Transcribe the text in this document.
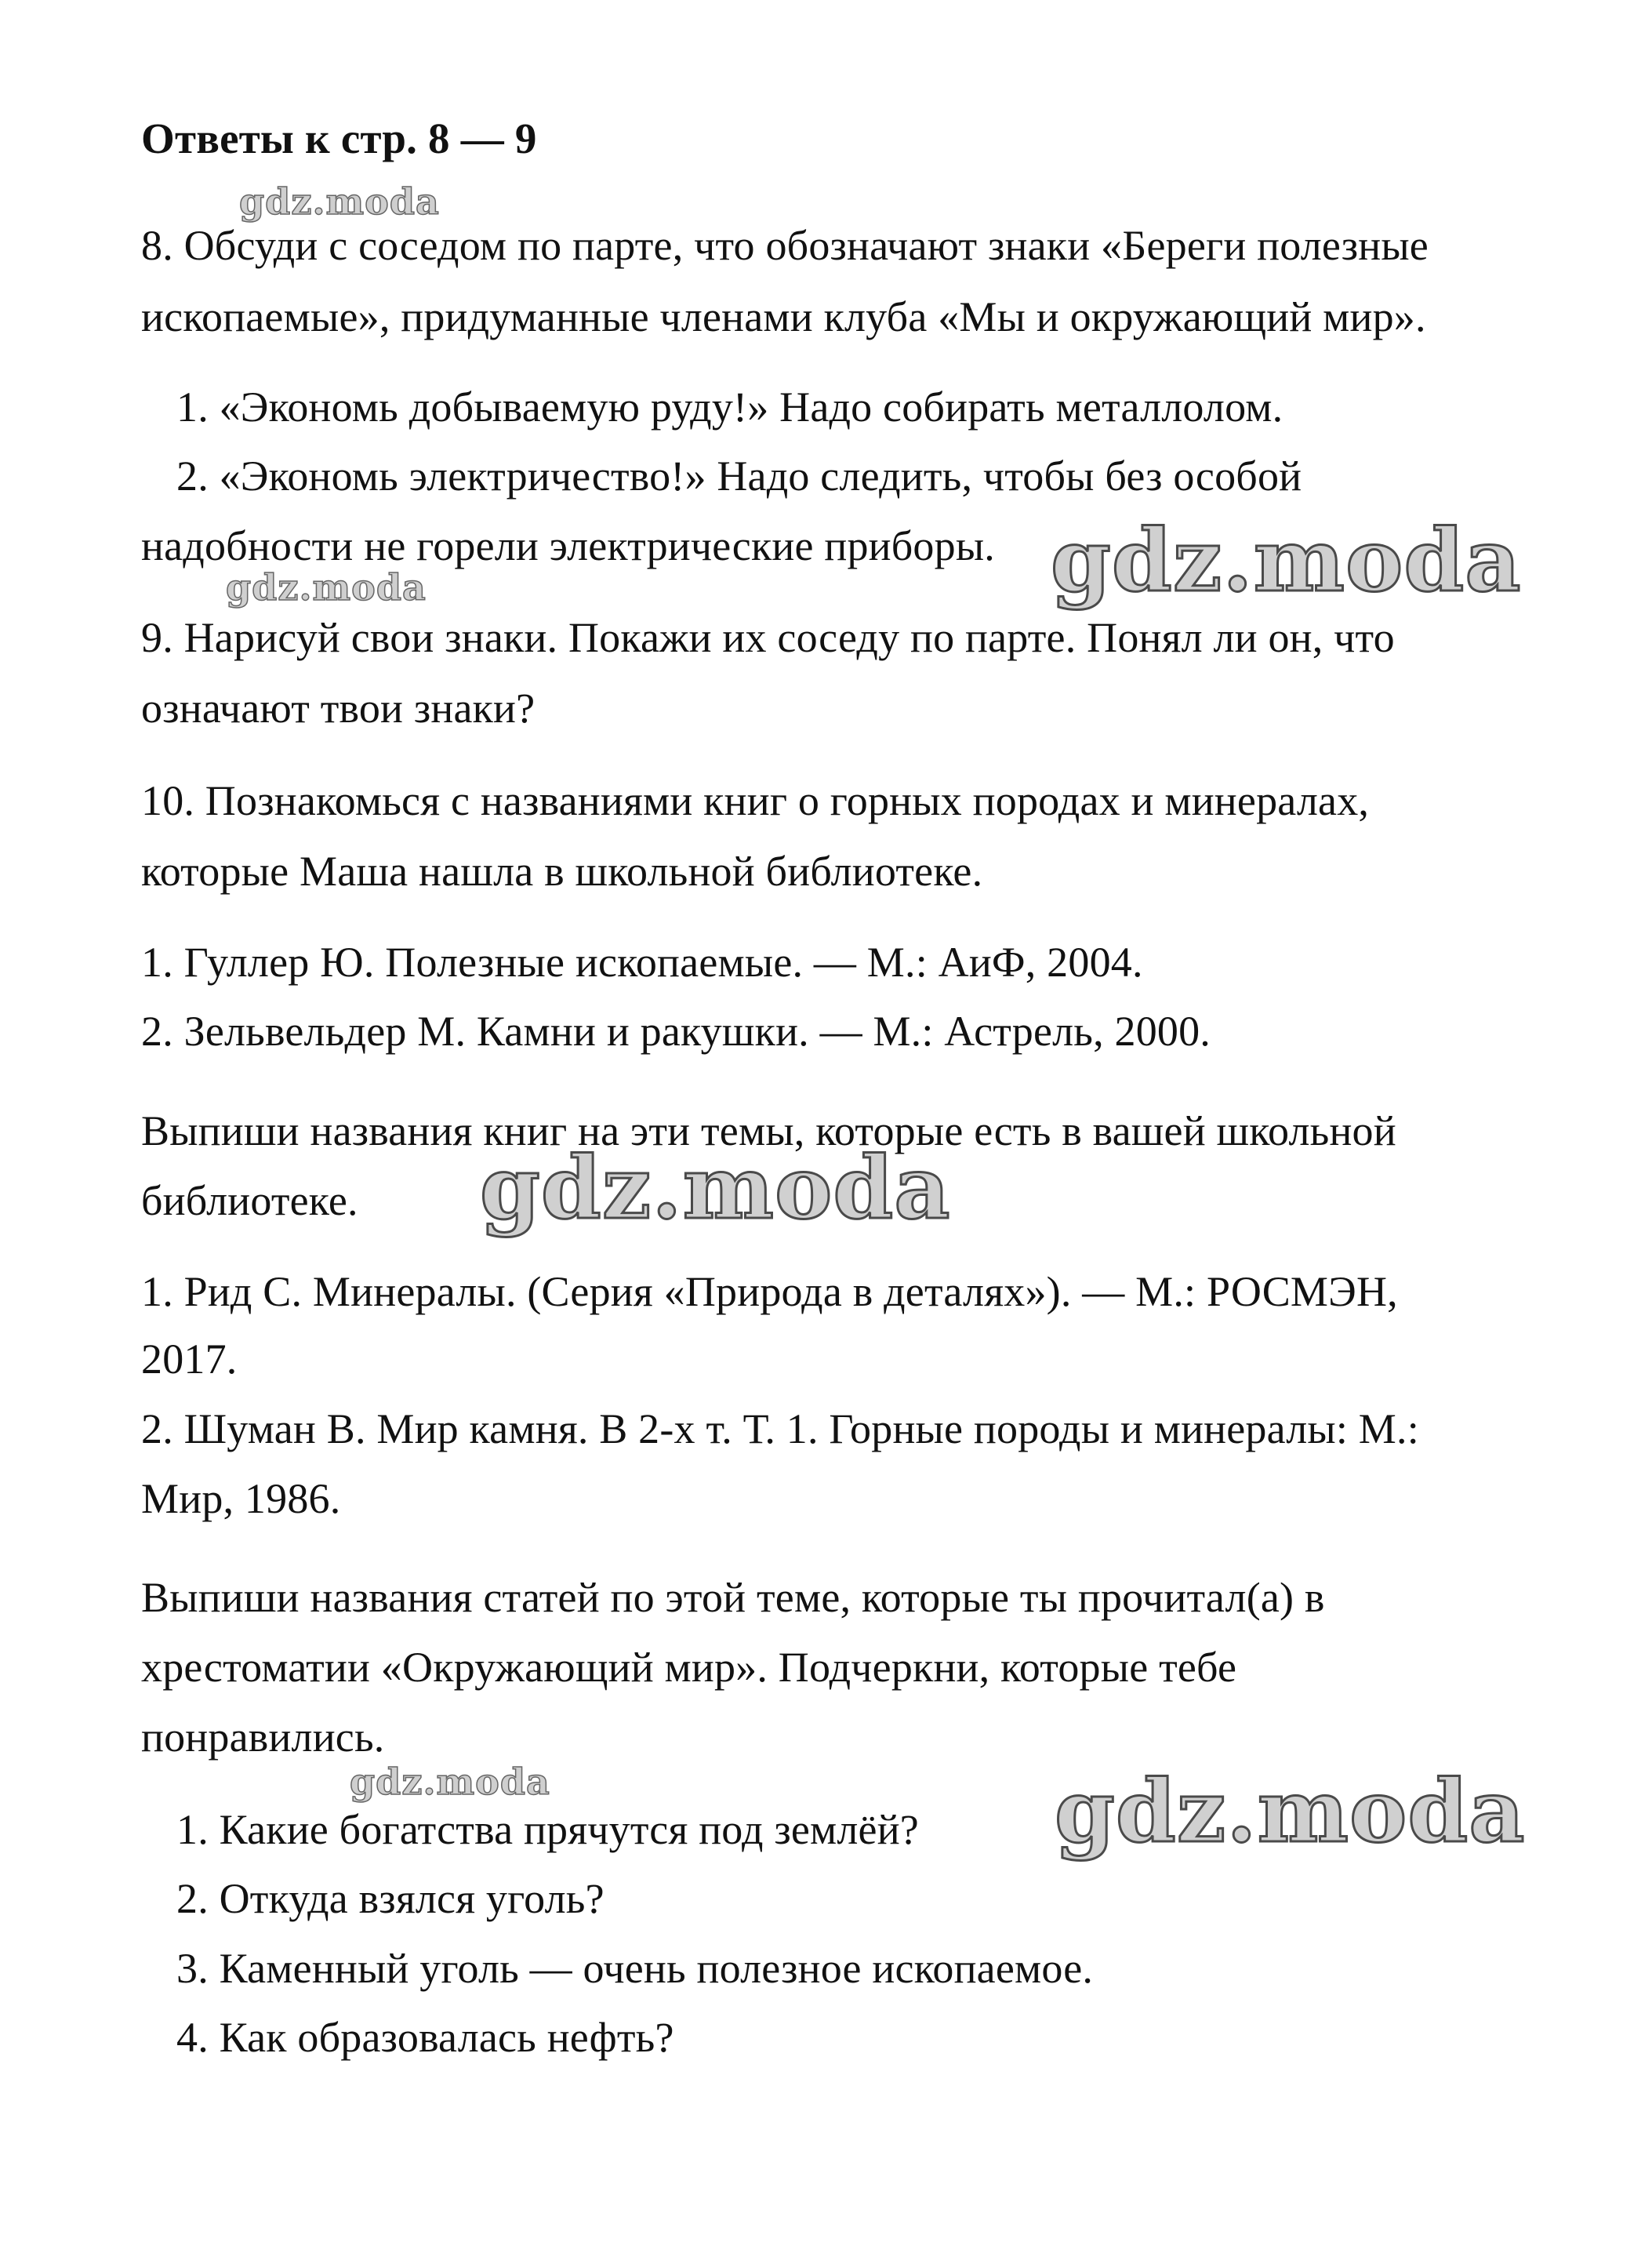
Ответы к стр. 8 — 9
8. Обсуди с соседом по парте, что обозначают знаки «Береги полезные
ископаемые», придуманные членами клуба «Мы и окружающий мир».
1. «Экономь добываемую руду!» Надо собирать металлолом.
2. «Экономь электричество!» Надо следить, чтобы без особой
надобности не горели электрические приборы.
9. Нарисуй свои знаки. Покажи их соседу по парте. Понял ли он, что
означают твои знаки?
10. Познакомься с названиями книг о горных породах и минералах,
которые Маша нашла в школьной библиотеке.
1. Гуллер Ю. Полезные ископаемые. — М.: АиФ, 2004.
2. Зельвельдер М. Камни и ракушки. — М.: Астрель, 2000.
Выпиши названия книг на эти темы, которые есть в вашей школьной
библиотеке.
1. Рид С. Минералы. (Серия «Природа в деталях»). — М.: РОСМЭН,
2017.
2. Шуман В. Мир камня. В 2-х т. Т. 1. Горные породы и минералы: М.:
Мир, 1986.
Выпиши названия статей по этой теме, которые ты прочитал(а) в
хрестоматии «Окружающий мир». Подчеркни, которые тебе
понравились.
1. Какие богатства прячутся под землёй?
2. Откуда взялся уголь?
3. Каменный уголь — очень полезное ископаемое.
4. Как образовалась нефть?
gdz.moda
gdz.moda
gdz.moda
gdz.moda
gdz.moda	gdz.moda
